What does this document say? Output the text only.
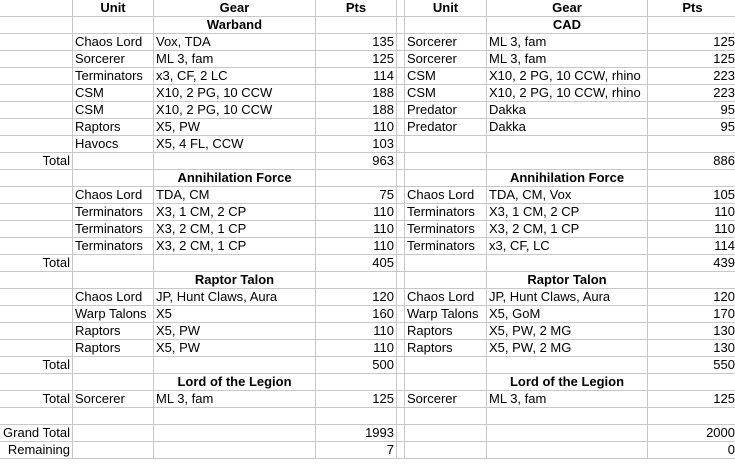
	Unit	Gear	Pts		Unit	Gear	Pts
		Warband				CAD	
	Chaos Lord	Vox, TDA	135		Sorcerer	ML 3, fam	125
	Sorcerer	ML 3, fam	125		Sorcerer	ML 3, fam	125
	Terminators	x3, CF, 2 LC	114		CSM	X10, 2 PG, 10 CCW, rhino	223
	CSM	X10, 2 PG, 10 CCW	188		CSM	X10, 2 PG, 10 CCW, rhino	223
	CSM	X10, 2 PG, 10 CCW	188		Predator	Dakka	95
	Raptors	X5, PW	110		Predator	Dakka	95
	Havocs	X5, 4 FL, CCW	103				
Total			963				886
		Annihilation Force				Annihilation Force	
	Chaos Lord	TDA, CM	75		Chaos Lord	TDA, CM, Vox	105
	Terminators	X3, 1 CM, 2 CP	110		Terminators	X3, 1 CM, 2 CP	110
	Terminators	X3, 2 CM, 1 CP	110		Terminators	X3, 2 CM, 1 CP	110
	Terminators	X3, 2 CM, 1 CP	110		Terminators	x3, CF, LC	114
Total			405				439
		Raptor Talon				Raptor Talon	
	Chaos Lord	JP, Hunt Claws, Aura	120		Chaos Lord	JP, Hunt Claws, Aura	120
	Warp Talons	X5	160		Warp Talons	X5, GoM	170
	Raptors	X5, PW	110		Raptors	X5, PW, 2 MG	130
	Raptors	X5, PW	110		Raptors	X5, PW, 2 MG	130
Total			500				550
		Lord of the Legion				Lord of the Legion	
Total	Sorcerer	ML 3, fam	125		Sorcerer	ML 3, fam	125

Grand Total			1993				2000
Remaining			7				0
